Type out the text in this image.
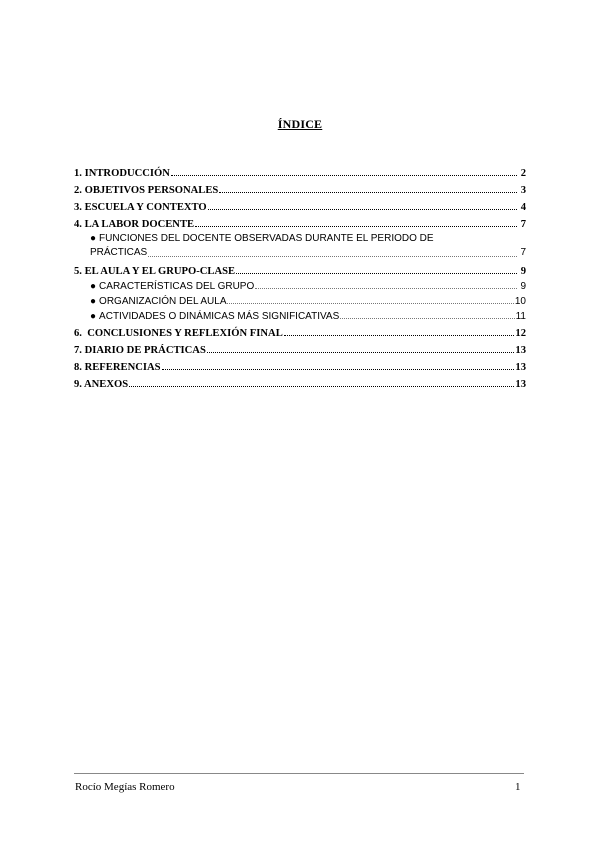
ÍNDICE
1. INTRODUCCIÓN	2
2. OBJETIVOS PERSONALES	3
3. ESCUELA Y CONTEXTO	4
4. LA LABOR DOCENTE	7
● FUNCIONES DEL DOCENTE OBSERVADAS DURANTE EL PERIODO DE
PRÁCTICAS	7
5. EL AULA Y EL GRUPO-CLASE	9
● CARACTERÍSTICAS DEL GRUPO	9
● ORGANIZACIÓN DEL AULA	10
● ACTIVIDADES O DINÁMICAS MÁS SIGNIFICATIVAS	11
6.  CONCLUSIONES Y REFLEXIÓN FINAL	12
7. DIARIO DE PRÁCTICAS	13
8. REFERENCIAS	13
9. ANEXOS	13
Rocío Megías Romero	1
